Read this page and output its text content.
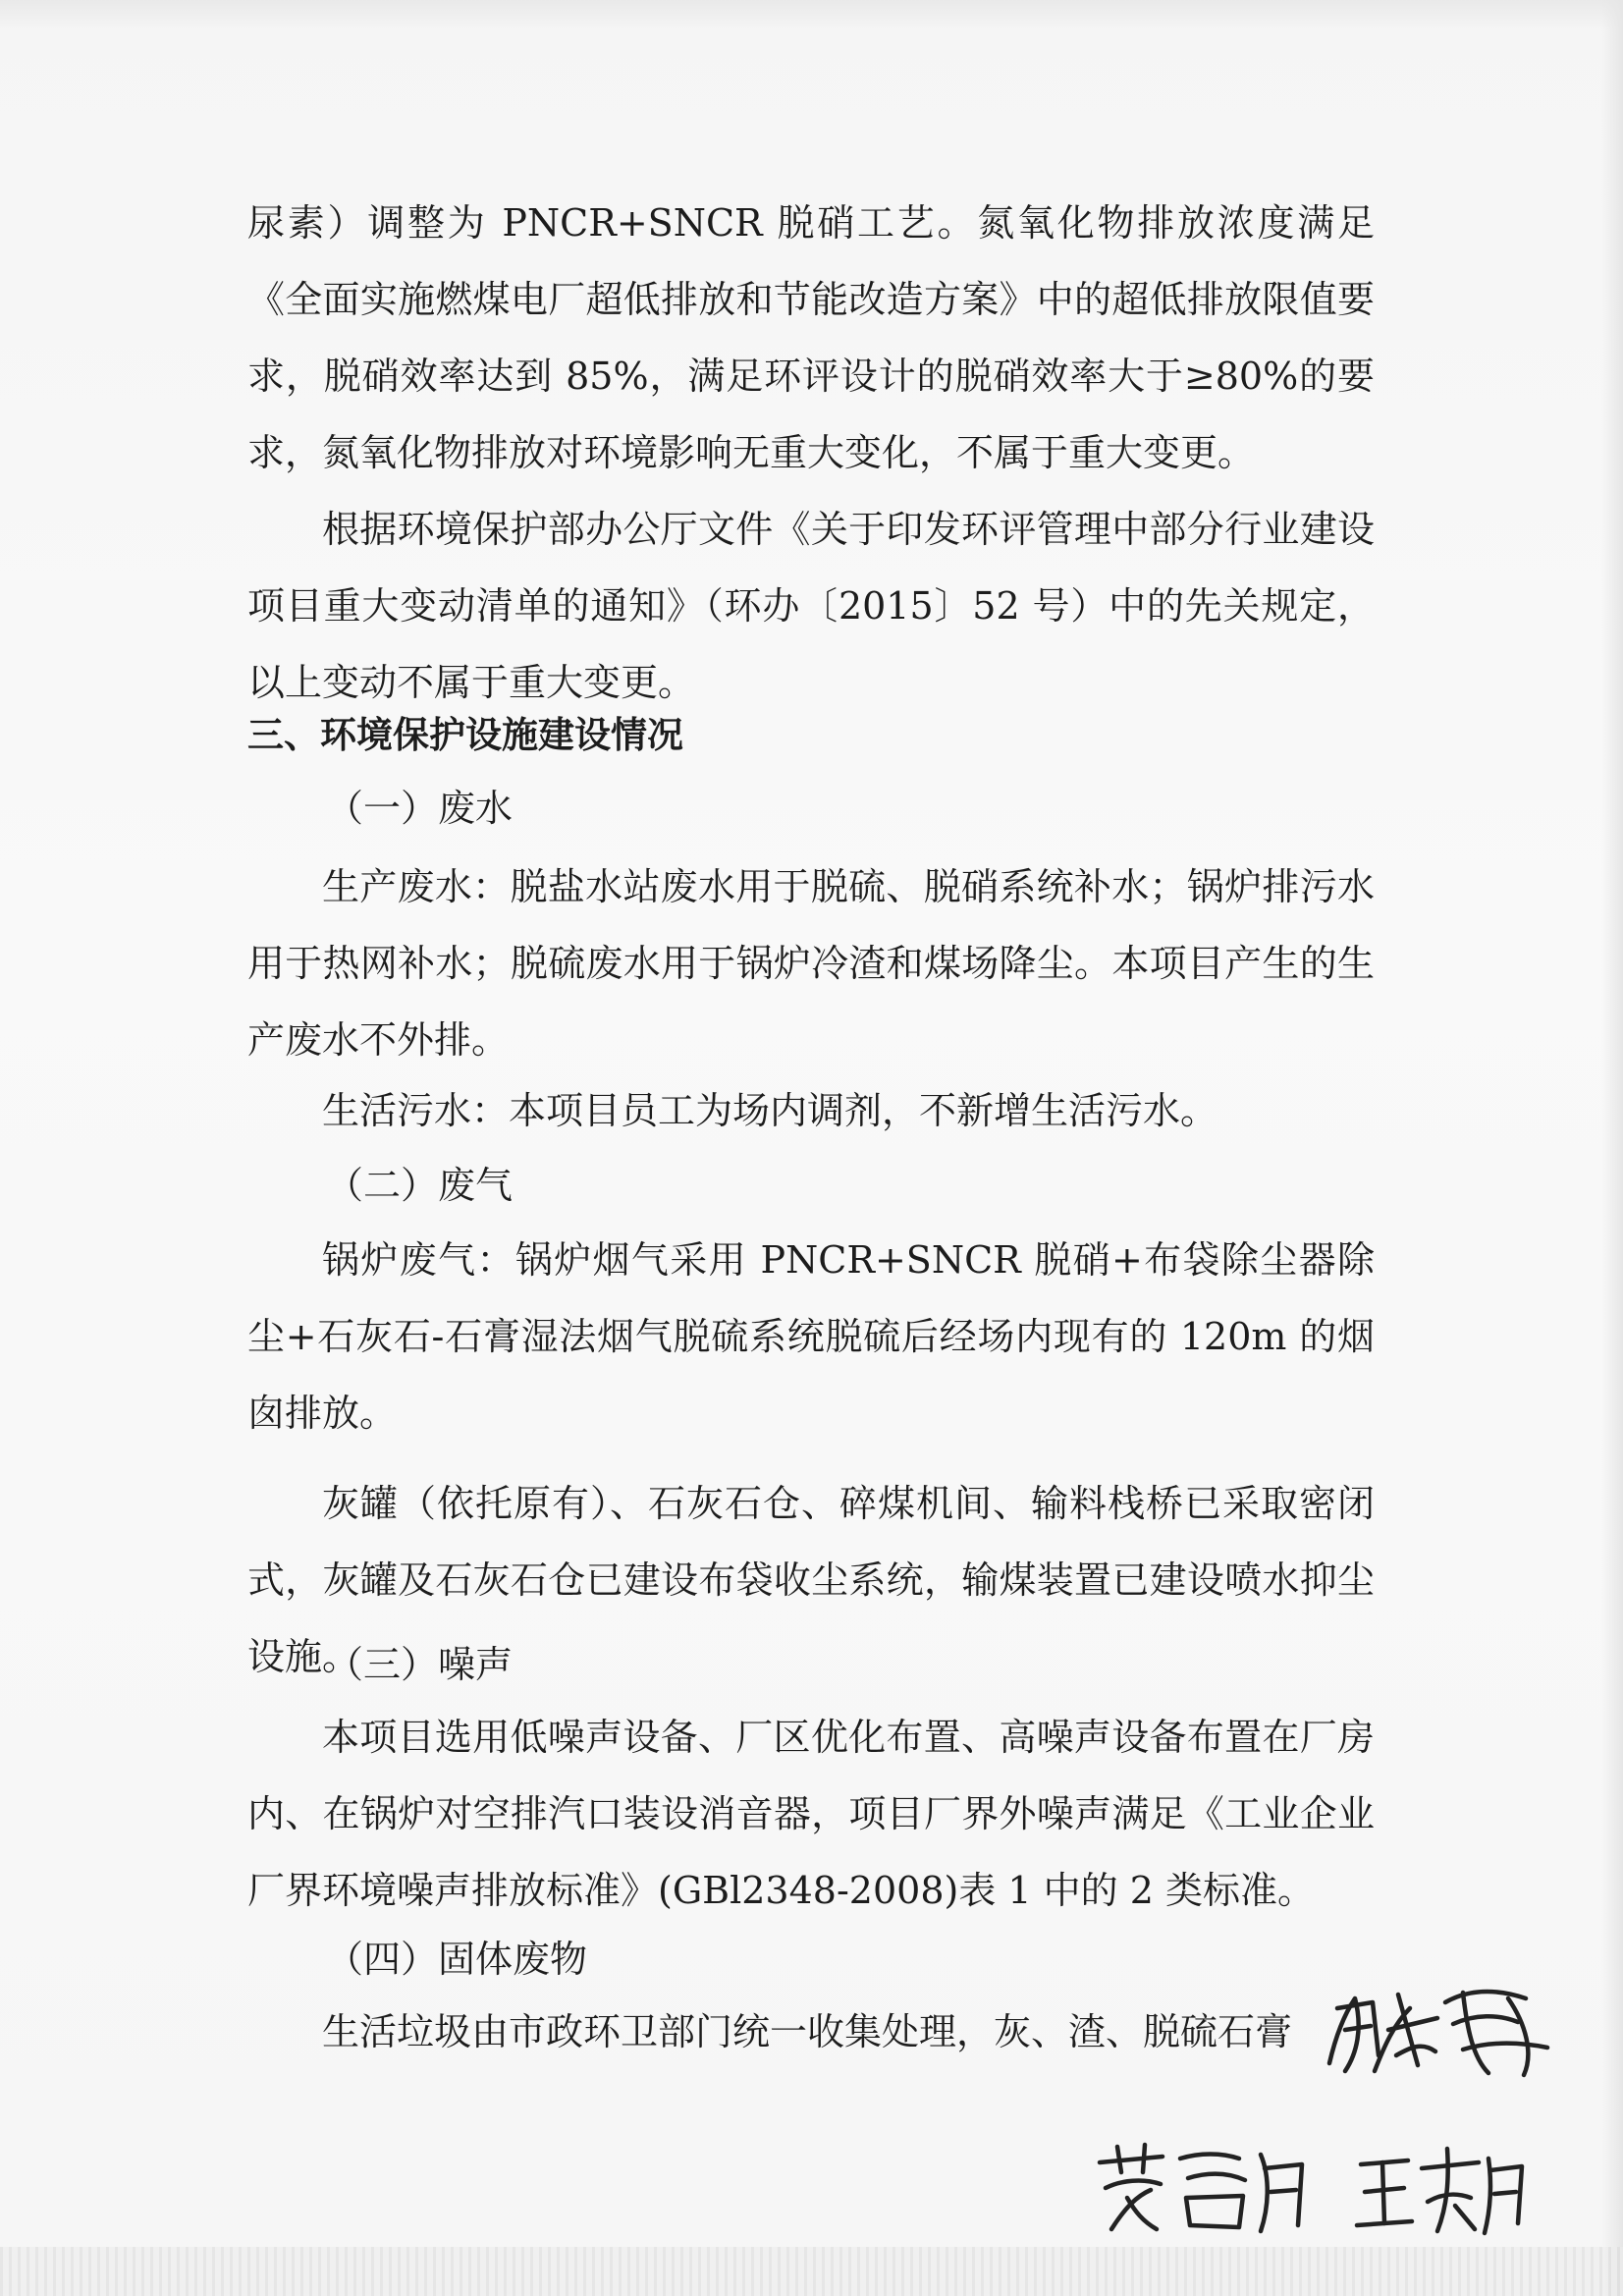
尿素）调整为 PNCR+SNCR 脱硝工艺。氮氧化物排放浓度满足《全面实施燃煤电厂超低排放和节能改造方案》中的超低排放限值要求，脱硝效率达到 85%，满足环评设计的脱硝效率大于≥80%的要求，氮氧化物排放对环境影响无重大变化，不属于重大变更。

根据环境保护部办公厅文件《关于印发环评管理中部分行业建设项目重大变动清单的通知》（环办〔2015〕52 号）中的先关规定，以上变动不属于重大变更。

三、环境保护设施建设情况

（一）废水

生产废水：脱盐水站废水用于脱硫、脱硝系统补水；锅炉排污水用于热网补水；脱硫废水用于锅炉冷渣和煤场降尘。本项目产生的生产废水不外排。

生活污水：本项目员工为场内调剂，不新增生活污水。

（二）废气

锅炉废气：锅炉烟气采用 PNCR+SNCR 脱硝+布袋除尘器除尘+石灰石-石膏湿法烟气脱硫系统脱硫后经场内现有的 120m 的烟囱排放。

灰罐（依托原有）、石灰石仓、碎煤机间、输料栈桥已采取密闭式，灰罐及石灰石仓已建设布袋收尘系统，输煤装置已建设喷水抑尘设施。

（三）噪声

本项目选用低噪声设备、厂区优化布置、高噪声设备布置在厂房内、在锅炉对空排汽口装设消音器，项目厂界外噪声满足《工业企业厂界环境噪声排放标准》(GBl2348-2008)表 1 中的 2 类标准。

（四）固体废物

生活垃圾由市政环卫部门统一收集处理，灰、渣、脱硫石膏
